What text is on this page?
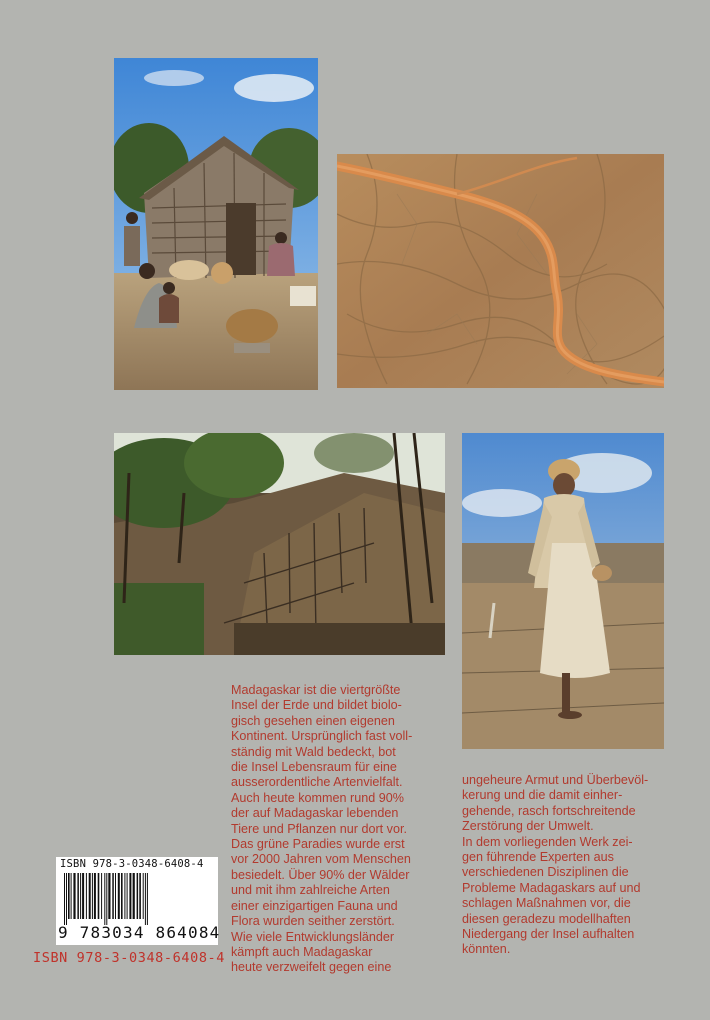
Madagaskar ist die viertgrößte
Insel der Erde und bildet biolo-
gisch gesehen einen eigenen
Kontinent. Ursprünglich fast voll-
ständig mit Wald bedeckt, bot
die Insel Lebensraum für eine
ausserordentliche Artenvielfalt.
Auch heute kommen rund 90%
der auf Madagaskar lebenden
Tiere und Pflanzen nur dort vor.
Das grüne Paradies wurde erst
vor 2000 Jahren vom Menschen
besiedelt. Über 90% der Wälder
und mit ihm zahlreiche Arten
einer einzigartigen Fauna und
Flora wurden seither zerstört.
Wie viele Entwicklungsländer
kämpft auch Madagaskar
heute verzweifelt gegen eine
ungeheure Armut und Überbevöl-
kerung und die damit einher-
gehende, rasch fortschreitende
Zerstörung der Umwelt.
In dem vorliegenden Werk zei-
gen führende Experten aus
verschiedenen Disziplinen die
Probleme Madagaskars auf und
schlagen Maßnahmen vor, die
diesen geradezu modellhaften
Niedergang der Insel aufhalten
könnten.
ISBN 978-3-0348-6408-4
9 783034 864084
ISBN 978-3-0348-6408-4
